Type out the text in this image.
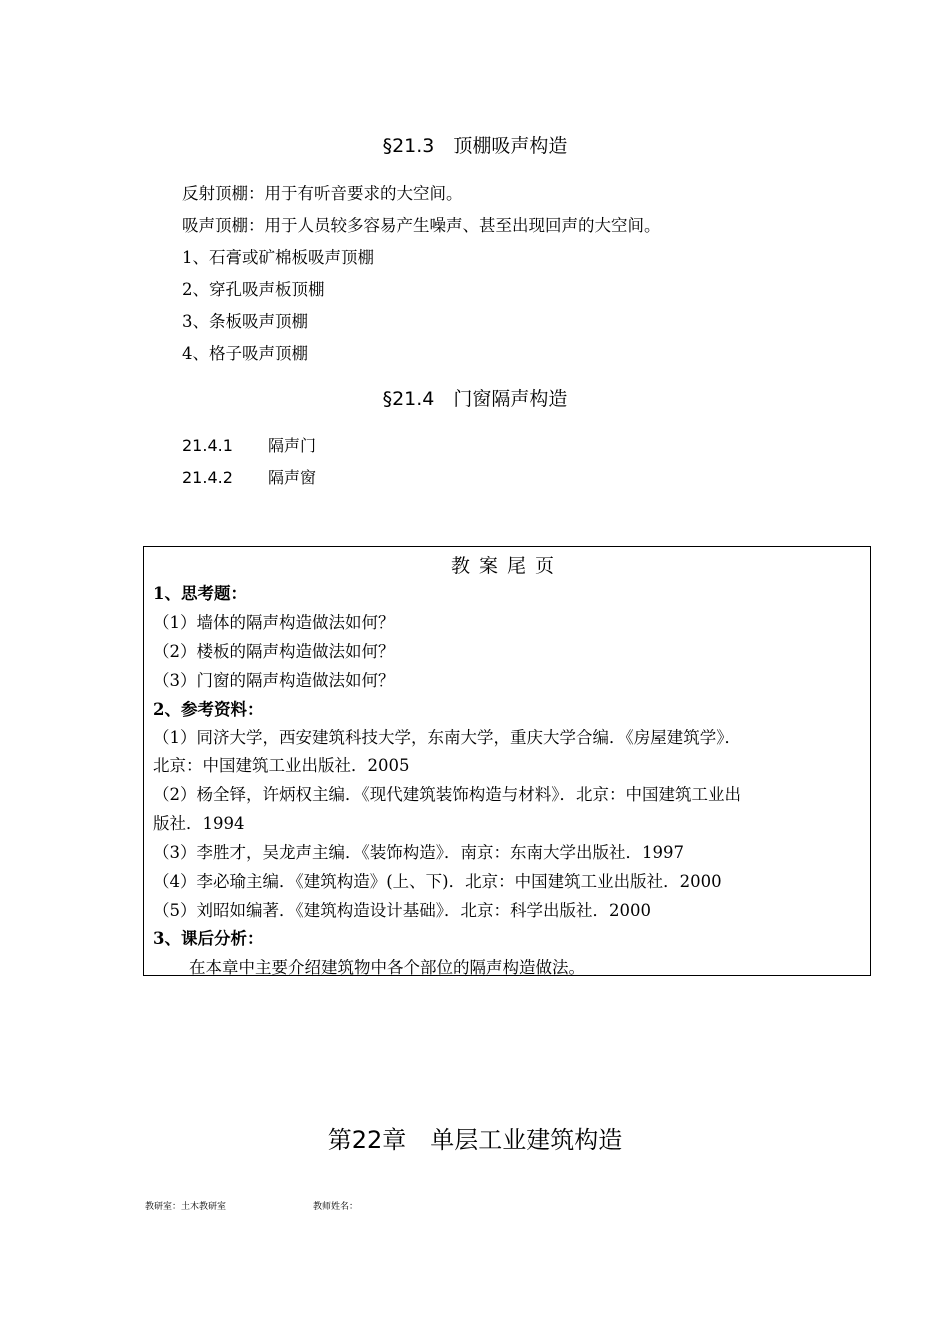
§21.3　顶棚吸声构造
反射顶棚：用于有听音要求的大空间。
吸声顶棚：用于人员较多容易产生噪声、甚至出现回声的大空间。
1、石膏或矿棉板吸声顶棚
2、穿孔吸声板顶棚
3、条板吸声顶棚
4、格子吸声顶棚
§21.4　门窗隔声构造
21.4.1 隔声门
21.4.2 隔声窗
教案尾页
1、思考题：
（1）墙体的隔声构造做法如何？
（2）楼板的隔声构造做法如何？
（3）门窗的隔声构造做法如何？
2、参考资料：
（1）同济大学，西安建筑科技大学，东南大学，重庆大学合编．《房屋建筑学》．
北京：中国建筑工业出版社．2005
（2）杨全铎，许炳权主编．《现代建筑装饰构造与材料》．北京：中国建筑工业出
版社．1994
（3）李胜才，吴龙声主编．《装饰构造》．南京：东南大学出版社．1997
（4）李必瑜主编．《建筑构造》(上、下)．北京：中国建筑工业出版社．2000
（5）刘昭如编著．《建筑构造设计基础》．北京：科学出版社．2000
3、课后分析：
在本章中主要介绍建筑物中各个部位的隔声构造做法。
第22章　单层工业建筑构造
教研室：土木教研室	教师姓名：
